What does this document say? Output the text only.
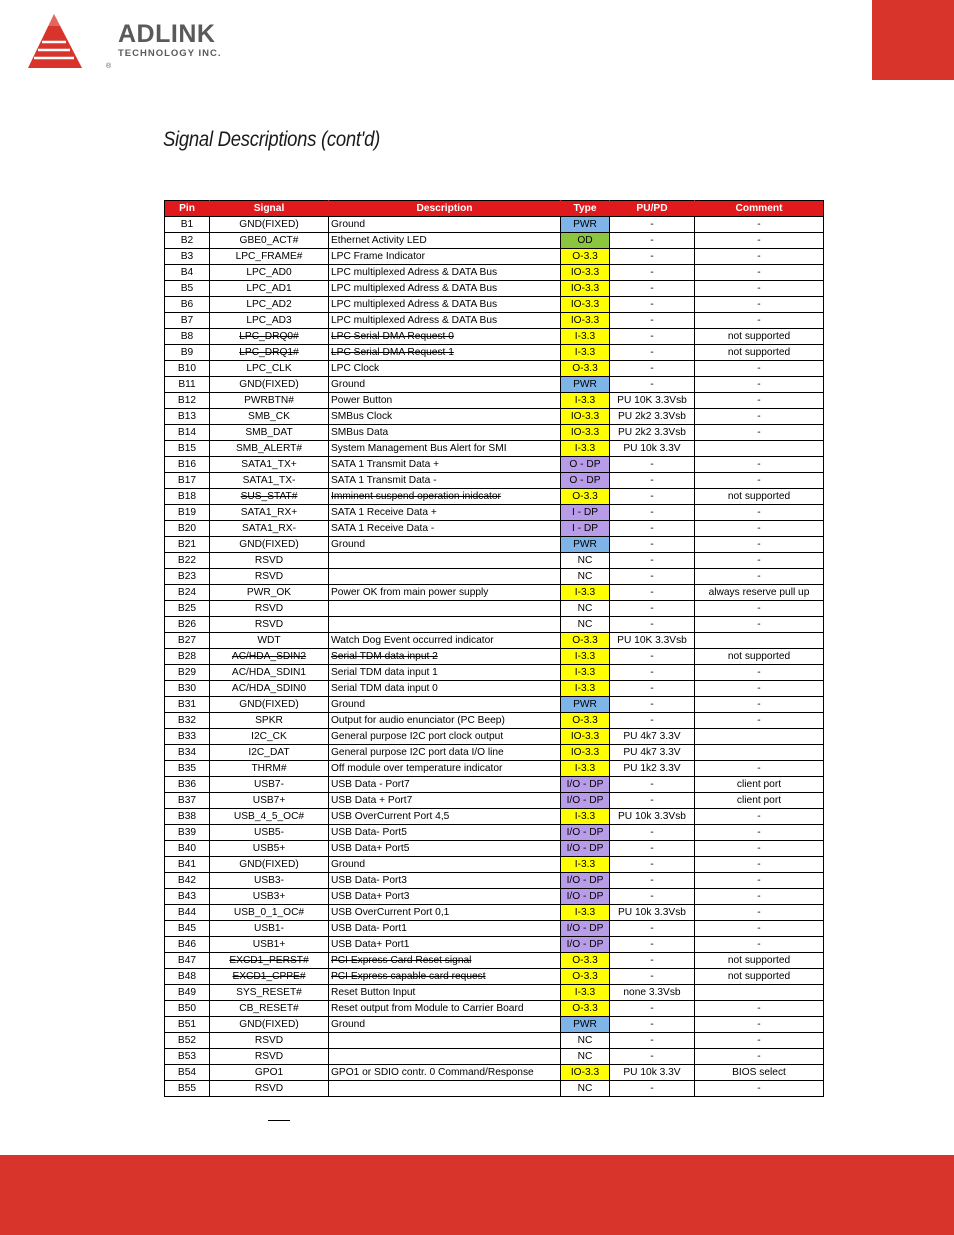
ADLINK
TECHNOLOGY INC.
®
Signal Descriptions (cont'd)
Pin	Signal	Description	Type	PU/PD	Comment
B1	GND(FIXED)	Ground	PWR	-	-
B2	GBE0_ACT#	Ethernet Activity LED	OD	-	-
B3	LPC_FRAME#	LPC Frame Indicator	O-3.3	-	-
B4	LPC_AD0	LPC multiplexed Adress & DATA Bus	IO-3.3	-	-
B5	LPC_AD1	LPC multiplexed Adress & DATA Bus	IO-3.3	-	-
B6	LPC_AD2	LPC multiplexed Adress & DATA Bus	IO-3.3	-	-
B7	LPC_AD3	LPC multiplexed Adress & DATA Bus	IO-3.3	-	-
B8	LPC_DRQ0#	LPC Serial DMA Request 0	I-3.3	-	not supported
B9	LPC_DRQ1#	LPC Serial DMA Request 1	I-3.3	-	not supported
B10	LPC_CLK	LPC Clock	O-3.3	-	-
B11	GND(FIXED)	Ground	PWR	-	-
B12	PWRBTN#	Power Button	I-3.3	PU 10K 3.3Vsb	-
B13	SMB_CK	SMBus Clock	IO-3.3	PU 2k2 3.3Vsb	-
B14	SMB_DAT	SMBus Data	IO-3.3	PU 2k2 3.3Vsb	-
B15	SMB_ALERT#	System Management Bus Alert for SMI	I-3.3	PU 10k 3.3V	
B16	SATA1_TX+	SATA 1 Transmit Data +	O - DP	-	-
B17	SATA1_TX-	SATA 1 Transmit Data -	O - DP	-	-
B18	SUS_STAT#	Imminent suspend operation inidcator	O-3.3	-	not supported
B19	SATA1_RX+	SATA 1 Receive Data +	I - DP	-	-
B20	SATA1_RX-	SATA 1 Receive Data -	I - DP	-	-
B21	GND(FIXED)	Ground	PWR	-	-
B22	RSVD		NC	-	-
B23	RSVD		NC	-	-
B24	PWR_OK	Power OK from main power supply	I-3.3	-	always reserve pull up
B25	RSVD		NC	-	-
B26	RSVD		NC	-	-
B27	WDT	Watch Dog Event occurred indicator	O-3.3	PU 10K 3.3Vsb	
B28	AC/HDA_SDIN2	Serial TDM data input 2	I-3.3	-	not supported
B29	AC/HDA_SDIN1	Serial TDM data input 1	I-3.3	-	-
B30	AC/HDA_SDIN0	Serial TDM data input 0	I-3.3	-	-
B31	GND(FIXED)	Ground	PWR	-	-
B32	SPKR	Output for audio enunciator (PC Beep)	O-3.3	-	-
B33	I2C_CK	General purpose I2C port clock output	IO-3.3	PU 4k7 3.3V	
B34	I2C_DAT	General purpose I2C port data I/O line	IO-3.3	PU 4k7 3.3V	
B35	THRM#	Off module over temperature indicator	I-3.3	PU 1k2 3.3V	-
B36	USB7-	USB Data - Port7	I/O - DP	-	client port
B37	USB7+	USB Data + Port7	I/O - DP	-	client port
B38	USB_4_5_OC#	USB OverCurrent Port 4,5	I-3.3	PU 10k 3.3Vsb	-
B39	USB5-	USB Data- Port5	I/O - DP	-	-
B40	USB5+	USB Data+ Port5	I/O - DP	-	-
B41	GND(FIXED)	Ground	I-3.3	-	-
B42	USB3-	USB Data- Port3	I/O - DP	-	-
B43	USB3+	USB Data+ Port3	I/O - DP	-	-
B44	USB_0_1_OC#	USB OverCurrent Port 0,1	I-3.3	PU 10k 3.3Vsb	-
B45	USB1-	USB Data- Port1	I/O - DP	-	-
B46	USB1+	USB Data+ Port1	I/O - DP	-	-
B47	EXCD1_PERST#	PCI Express Card Reset signal	O-3.3	-	not supported
B48	EXCD1_CPPE#	PCI Express capable card request	O-3.3	-	not supported
B49	SYS_RESET#	Reset Button Input	I-3.3	none 3.3Vsb	
B50	CB_RESET#	Reset output from Module to Carrier Board	O-3.3	-	-
B51	GND(FIXED)	Ground	PWR	-	-
B52	RSVD		NC	-	-
B53	RSVD		NC	-	-
B54	GPO1	GPO1 or SDIO contr. 0 Command/Response	IO-3.3	PU 10k 3.3V	BIOS select
B55	RSVD		NC	-	-
